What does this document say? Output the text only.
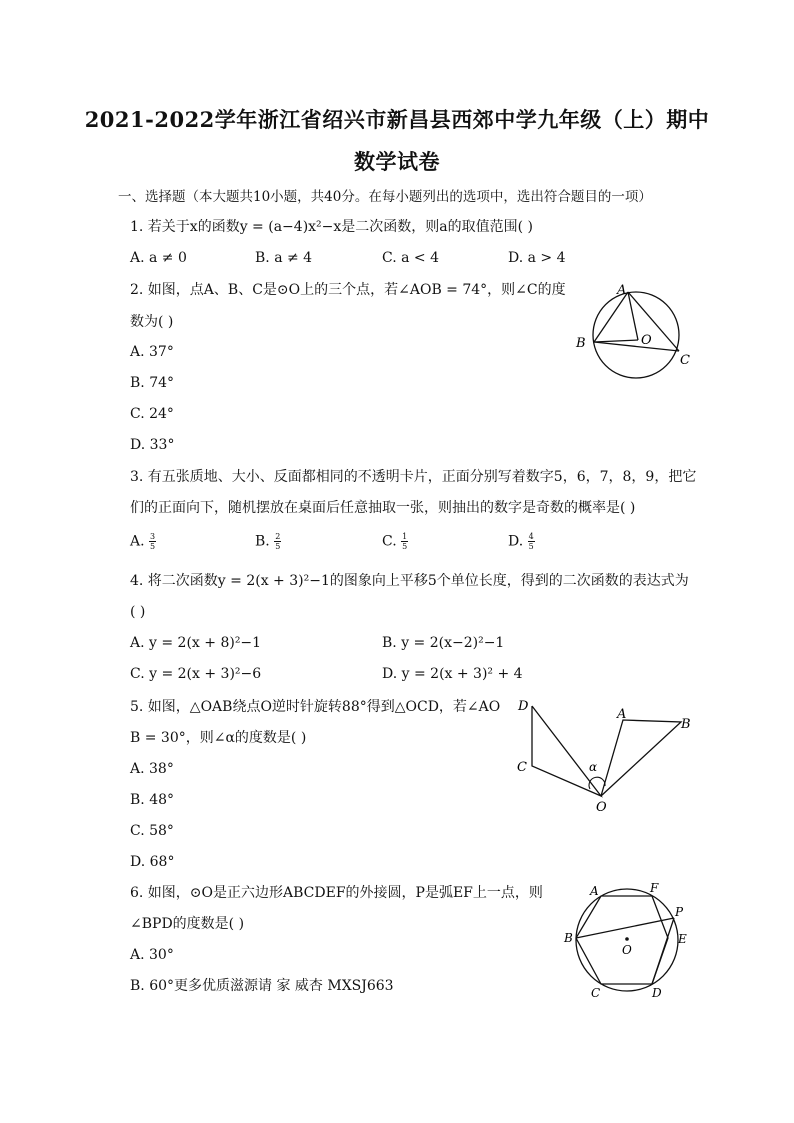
2021-2022学年浙江省绍兴市新昌县西郊中学九年级（上）期中
数学试卷
一、选择题（本大题共10小题，共40分。在每小题列出的选项中，选出符合题目的一项）
1. 若关于x的函数y = (a−4)x²−x是二次函数，则a的取值范围( )
A. a ≠ 0	B. a ≠ 4	C. a < 4	D. a > 4
2. 如图，点A、B、C是⊙O上的三个点，若∠AOB = 74°，则∠C的度
数为( )
A. 37°
B. 74°
C. 24°
D. 33°
A
B	O
C
3. 有五张质地、大小、反面都相同的不透明卡片，正面分别写着数字5，6，7，8，9，把它
们的正面向下，随机摆放在桌面后任意抽取一张，则抽出的数字是奇数的概率是( )
A. $\frac{3}{5}$	B. $\frac{2}{5}$	C. $\frac{1}{5}$	D. $\frac{4}{5}$
4. 将二次函数y = 2(x + 3)²−1的图象向上平移5个单位长度，得到的二次函数的表达式为
( )
A. y = 2(x + 8)²−1	B. y = 2(x−2)²−1
C. y = 2(x + 3)²−6	D. y = 2(x + 3)² + 4
5. 如图，△OAB绕点O逆时针旋转88°得到△OCD，若∠AO
B = 30°，则∠α的度数是( )
A. 38°
B. 48°
C. 58°
D. 68°
D
C
A
B
O
α
6. 如图，⊙O是正六边形ABCDEF的外接圆，P是弧EF上一点，则
∠BPD的度数是( )
A. 30°
B. 60°更多优质滋源请 家 威杏 MXSJ663
A	F
P
B	E
O
C	D
